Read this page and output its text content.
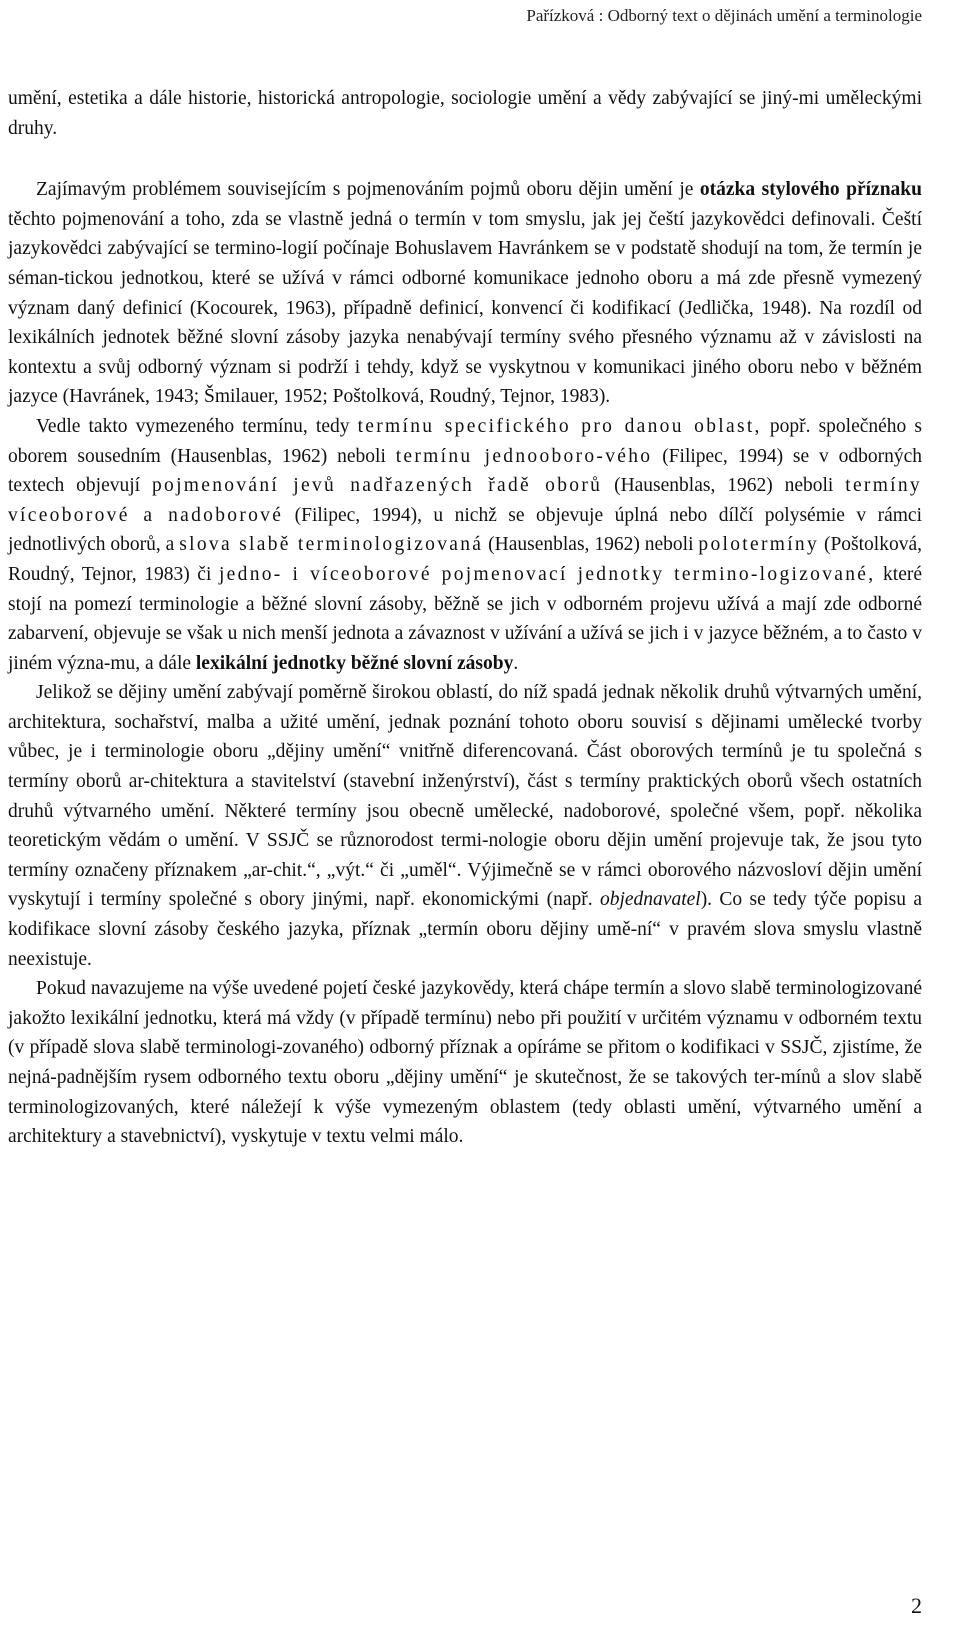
Pařízková : Odborný text o dějinách umění a terminologie

umění, estetika a dále historie, historická antropologie, sociologie umění a vědy zabývající se jiný-mi uměleckými druhy.

Zajímavým problémem souvisejícím s pojmenováním pojmů oboru dějin umění je otázka stylového příznaku těchto pojmenování a toho, zda se vlastně jedná o termín v tom smyslu, jak jej čeští jazykovědci definovali. Čeští jazykovědci zabývající se termino-logií počínaje Bohuslavem Havránkem se v podstatě shodují na tom, že termín je séman-tickou jednotkou, které se užívá v rámci odborné komunikace jednoho oboru a má zde přesně vymezený význam daný definicí (Kocourek, 1963), případně definicí, konvencí či kodifikací (Jedlička, 1948). Na rozdíl od lexikálních jednotek běžné slovní zásoby jazyka nenabývají termíny svého přesného významu až v závislosti na kontextu a svůj odborný význam si podrží i tehdy, když se vyskytnou v komunikaci jiného oboru nebo v běžném jazyce (Havránek, 1943; Šmilauer, 1952; Poštolková, Roudný, Tejnor, 1983).

Vedle takto vymezeného termínu, tedy termínu specifického pro danou oblast, popř. společného s oborem sousedním (Hausenblas, 1962) neboli termínu jednooboro-vého (Filipec, 1994) se v odborných textech objevují pojmenování jevů nadřazených řadě oborů (Hausenblas, 1962) neboli termíny víceoborové a nadoborové (Filipec, 1994), u nichž se objevuje úplná nebo dílčí polysémie v rámci jednotlivých oborů, a slova slabě terminologizovaná (Hausenblas, 1962) neboli polotermíny (Poštolková, Roudný, Tejnor, 1983) či jedno- i víceoborové pojmenovací jednotky termino-logizované, které stojí na pomezí terminologie a běžné slovní zásoby, běžně se jich v odborném projevu užívá a mají zde odborné zabarvení, objevuje se však u nich menší jednota a závaznost v užívání a užívá se jich i v jazyce běžném, a to často v jiném význa-mu, a dále lexikální jednotky běžné slovní zásoby.

Jelikož se dějiny umění zabývají poměrně širokou oblastí, do níž spadá jednak několik druhů výtvarných umění, architektura, sochařství, malba a užité umění, jednak poznání tohoto oboru souvisí s dějinami umělecké tvorby vůbec, je i terminologie oboru „dějiny umění“ vnitřně diferencovaná. Část oborových termínů je tu společná s termíny oborů ar-chitektura a stavitelství (stavební inženýrství), část s termíny praktických oborů všech ostatních druhů výtvarného umění. Některé termíny jsou obecně umělecké, nadoborové, společné všem, popř. několika teoretickým vědám o umění. V SSJČ se různorodost termi-nologie oboru dějin umění projevuje tak, že jsou tyto termíny označeny příznakem „ar-chit.“, „výt.“ či „uměl“. Výjimečně se v rámci oborového názvosloví dějin umění vyskytují i termíny společné s obory jinými, např. ekonomickými (např. objednavatel). Co se tedy týče popisu a kodifikace slovní zásoby českého jazyka, příznak „termín oboru dějiny umě-ní“ v pravém slova smyslu vlastně neexistuje.

Pokud navazujeme na výše uvedené pojetí české jazykovědy, která chápe termín a slovo slabě terminologizované jakožto lexikální jednotku, která má vždy (v případě termínu) nebo při použití v určitém významu v odborném textu (v případě slova slabě terminologi-zovaného) odborný příznak a opíráme se přitom o kodifikaci v SSJČ, zjistíme, že nejná-padnějším rysem odborného textu oboru „dějiny umění“ je skutečnost, že se takových ter-mínů a slov slabě terminologizovaných, které náležejí k výše vymezeným oblastem (tedy oblasti umění, výtvarného umění a architektury a stavebnictví), vyskytuje v textu velmi málo.

2
